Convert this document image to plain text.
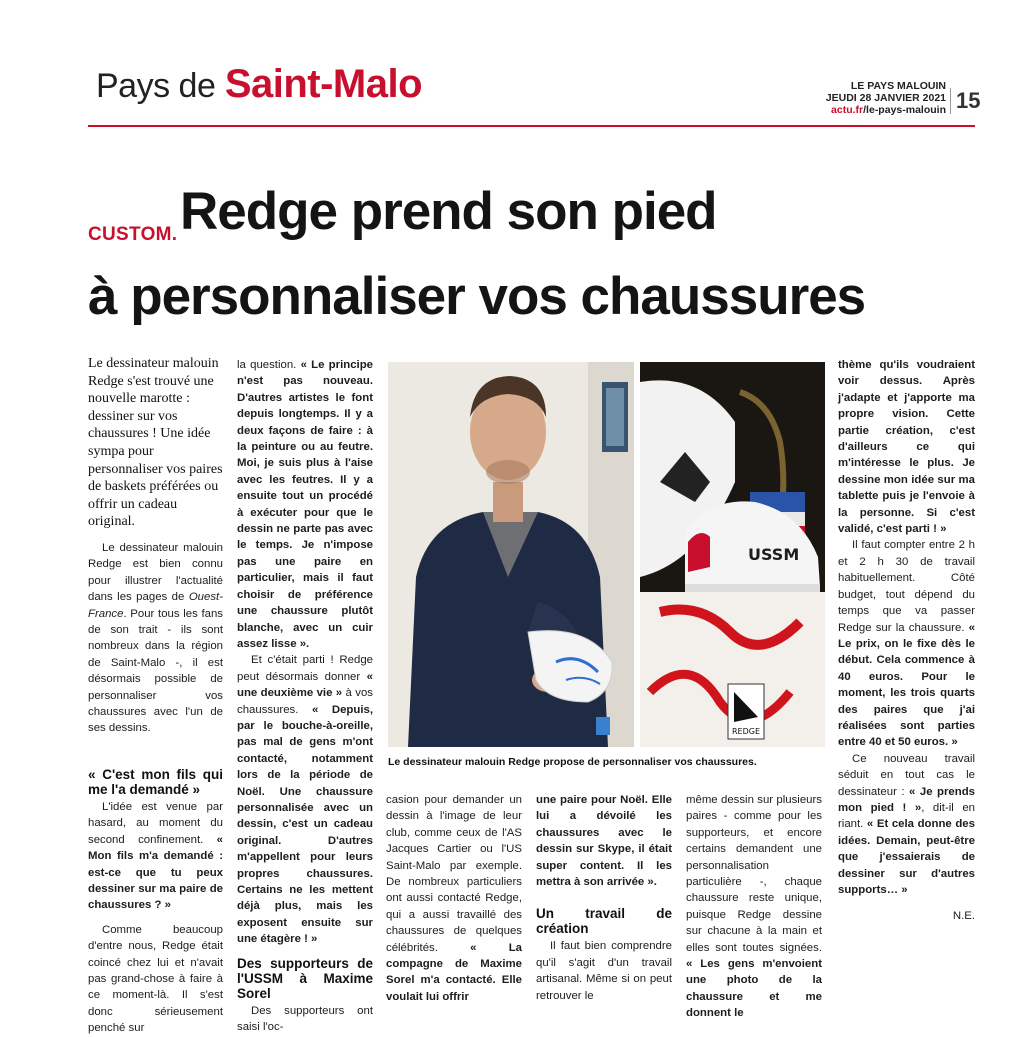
Pays de Saint-Malo	LE PAYS MALOUIN
JEUDI 28 JANVIER 2021
actu.fr/le-pays-malouin 15
CUSTOM. Redge prend son pied
à personnaliser vos chaussures
Le dessinateur malouin Redge s'est trouvé une nouvelle marotte : dessiner sur vos chaussures ! Une idée sympa pour personnaliser vos paires de baskets préférées ou offrir un cadeau original.

Le dessinateur malouin Redge est bien connu pour illustrer l'actualité dans les pages de Ouest-France. Pour tous les fans de son trait - ils sont nombreux dans la région de Saint-Malo -, il est désormais possible de personnaliser vos chaussures avec l'un de ses dessins.

« C'est mon fils qui me l'a demandé »

L'idée est venue par hasard, au moment du second confinement. « Mon fils m'a demandé : est-ce que tu peux dessiner sur ma paire de chaussures ? »

Comme beaucoup d'entre nous, Redge était coincé chez lui et n'avait pas grand-chose à faire à ce moment-là. Il s'est donc sérieusement penché sur

la question. « Le principe n'est pas nouveau. D'autres artistes le font depuis longtemps. Il y a deux façons de faire : à la peinture ou au feutre. Moi, je suis plus à l'aise avec les feutres. Il y a ensuite tout un procédé à exécuter pour que le dessin ne parte pas avec le temps. Je n'impose pas une paire en particulier, mais il faut choisir de préférence une chaussure plutôt blanche, avec un cuir assez lisse ».

Et c'était parti ! Redge peut désormais donner « une deuxième vie » à vos chaussures. « Depuis, par le bouche-à-oreille, pas mal de gens m'ont contacté, notamment lors de la période de Noël. Une chaussure personnalisée avec un dessin, c'est un cadeau original. D'autres m'appellent pour leurs propres chaussures. Certains ne les mettent déjà plus, mais les exposent ensuite sur une étagère ! »

Des supporteurs de l'USSM à Maxime Sorel

Des supporteurs ont saisi l'oc-

USSM
REDGE
Le dessinateur malouin Redge propose de personnaliser vos chaussures.

casion pour demander un dessin à l'image de leur club, comme ceux de l'AS Jacques Cartier ou l'US Saint-Malo par exemple. De nombreux particuliers ont aussi contacté Redge, qui a aussi travaillé des chaussures de quelques célébrités. « La compagne de Maxime Sorel m'a contacté. Elle voulait lui offrir

une paire pour Noël. Elle lui a dévoilé les chaussures avec le dessin sur Skype, il était super content. Il les mettra à son arrivée ».

Un travail de création

Il faut bien comprendre qu'il s'agit d'un travail artisanal. Même si on peut retrouver le

même dessin sur plusieurs paires - comme pour les supporteurs, et encore certains demandent une personnalisation particulière -, chaque chaussure reste unique, puisque Redge dessine sur chacune à la main et elles sont toutes signées. « Les gens m'envoient une photo de la chaussure et me donnent le

thème qu'ils voudraient voir dessus. Après j'adapte et j'apporte ma propre vision. Cette partie création, c'est d'ailleurs ce qui m'intéresse le plus. Je dessine mon idée sur ma tablette puis je l'envoie à la personne. Si c'est validé, c'est parti ! »

Il faut compter entre 2 h et 2 h 30 de travail habituellement. Côté budget, tout dépend du temps que va passer Redge sur la chaussure. « Le prix, on le fixe dès le début. Cela commence à 40 euros. Pour le moment, les trois quarts des paires que j'ai réalisées sont parties entre 40 et 50 euros. »

Ce nouveau travail séduit en tout cas le dessinateur : « Je prends mon pied ! », dit-il en riant. « Et cela donne des idées. Demain, peut-être que j'essaierais de dessiner sur d'autres supports… »

N.E.
